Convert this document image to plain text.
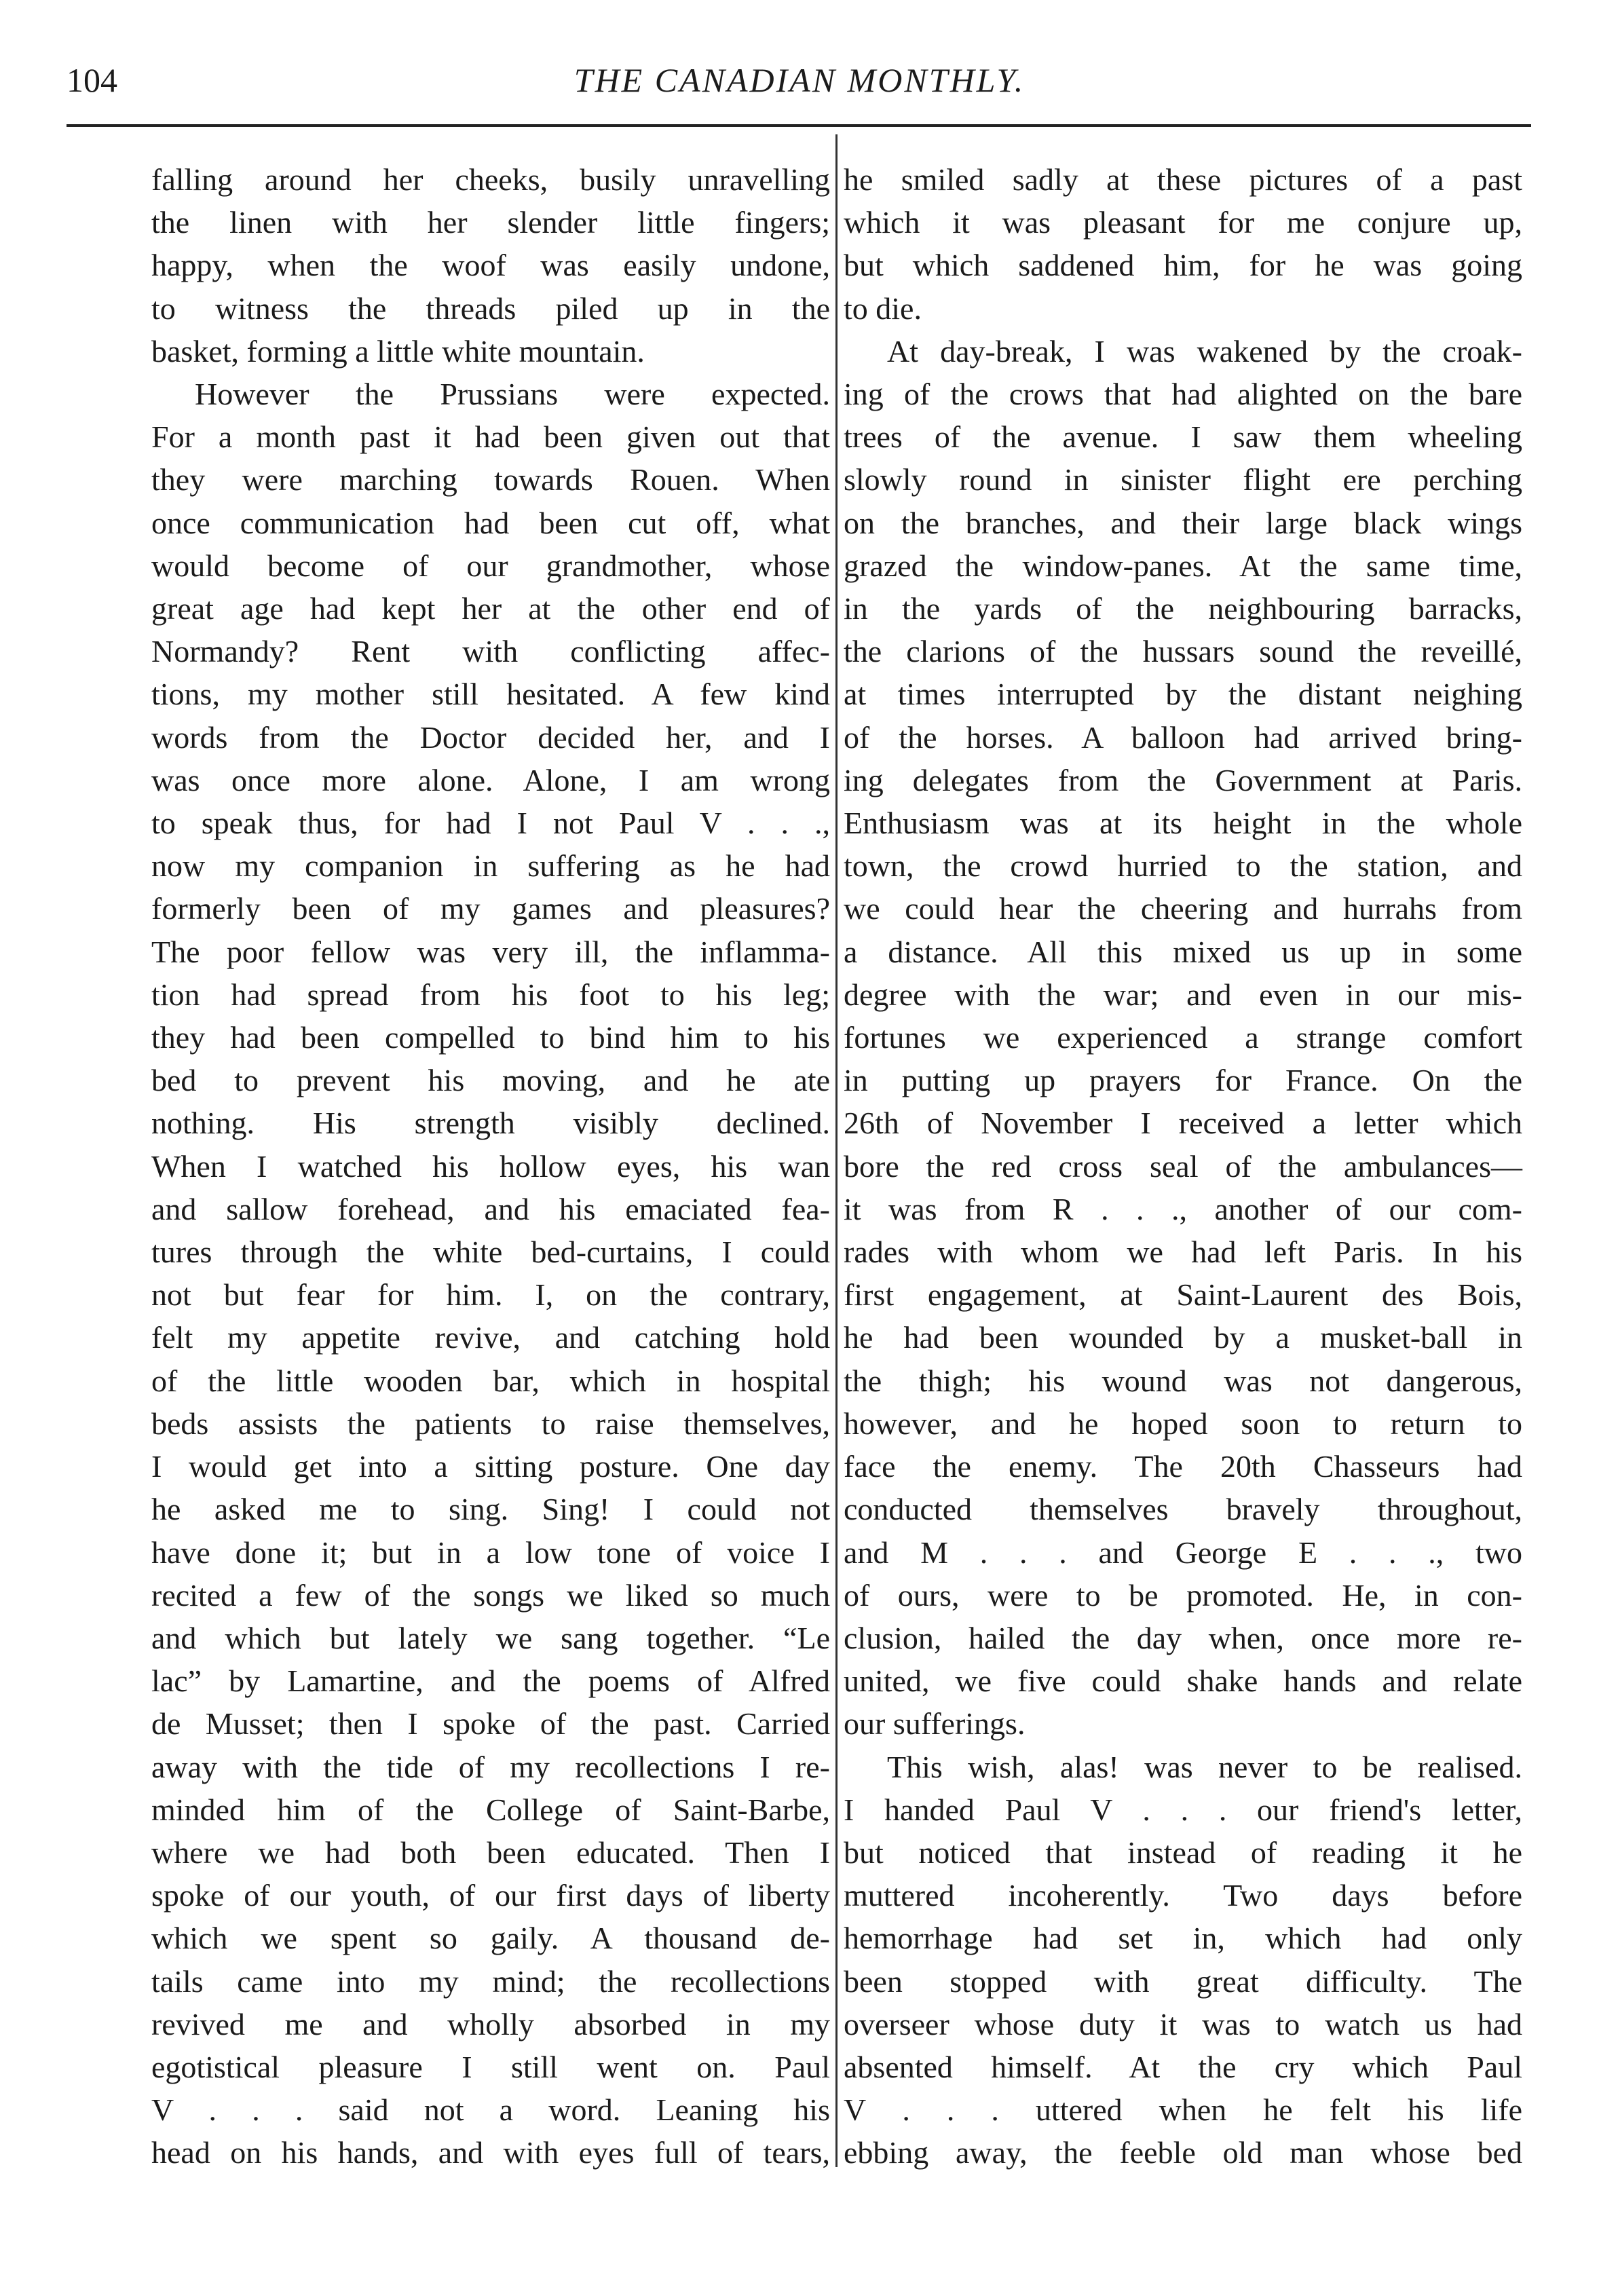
104	THE CANADIAN MONTHLY.
falling around her cheeks, busily unravelling
the linen with her slender little fingers;
happy, when the woof was easily undone,
to witness the threads piled up in the
basket, forming a little white mountain.
However the Prussians were expected.
For a month past it had been given out that
they were marching towards Rouen. When
once communication had been cut off, what
would become of our grandmother, whose
great age had kept her at the other end of
Normandy? Rent with conflicting affec-
tions, my mother still hesitated. A few kind
words from the Doctor decided her, and I
was once more alone. Alone, I am wrong
to speak thus, for had I not Paul V . . .,
now my companion in suffering as he had
formerly been of my games and pleasures?
The poor fellow was very ill, the inflamma-
tion had spread from his foot to his leg;
they had been compelled to bind him to his
bed to prevent his moving, and he ate
nothing. His strength visibly declined.
When I watched his hollow eyes, his wan
and sallow forehead, and his emaciated fea-
tures through the white bed-curtains, I could
not but fear for him. I, on the contrary,
felt my appetite revive, and catching hold
of the little wooden bar, which in hospital
beds assists the patients to raise themselves,
I would get into a sitting posture. One day
he asked me to sing. Sing! I could not
have done it; but in a low tone of voice I
recited a few of the songs we liked so much
and which but lately we sang together. “Le
lac” by Lamartine, and the poems of Alfred
de Musset; then I spoke of the past. Carried
away with the tide of my recollections I re-
minded him of the College of Saint-Barbe,
where we had both been educated. Then I
spoke of our youth, of our first days of liberty
which we spent so gaily. A thousand de-
tails came into my mind; the recollections
revived me and wholly absorbed in my
egotistical pleasure I still went on. Paul
V . . . said not a word. Leaning his
head on his hands, and with eyes full of tears,
he smiled sadly at these pictures of a past
which it was pleasant for me conjure up,
but which saddened him, for he was going
to die.
At day-break, I was wakened by the croak-
ing of the crows that had alighted on the bare
trees of the avenue. I saw them wheeling
slowly round in sinister flight ere perching
on the branches, and their large black wings
grazed the window-panes. At the same time,
in the yards of the neighbouring barracks,
the clarions of the hussars sound the reveillé,
at times interrupted by the distant neighing
of the horses. A balloon had arrived bring-
ing delegates from the Government at Paris.
Enthusiasm was at its height in the whole
town, the crowd hurried to the station, and
we could hear the cheering and hurrahs from
a distance. All this mixed us up in some
degree with the war; and even in our mis-
fortunes we experienced a strange comfort
in putting up prayers for France. On the
26th of November I received a letter which
bore the red cross seal of the ambulances—
it was from R . . ., another of our com-
rades with whom we had left Paris. In his
first engagement, at Saint-Laurent des Bois,
he had been wounded by a musket-ball in
the thigh; his wound was not dangerous,
however, and he hoped soon to return to
face the enemy. The 20th Chasseurs had
conducted themselves bravely throughout,
and M . . . and George E . . ., two
of ours, were to be promoted. He, in con-
clusion, hailed the day when, once more re-
united, we five could shake hands and relate
our sufferings.
This wish, alas! was never to be realised.
I handed Paul V . . . our friend's letter,
but noticed that instead of reading it he
muttered incoherently. Two days before
hemorrhage had set in, which had only
been stopped with great difficulty. The
overseer whose duty it was to watch us had
absented himself. At the cry which Paul
V . . . uttered when he felt his life
ebbing away, the feeble old man whose bed
